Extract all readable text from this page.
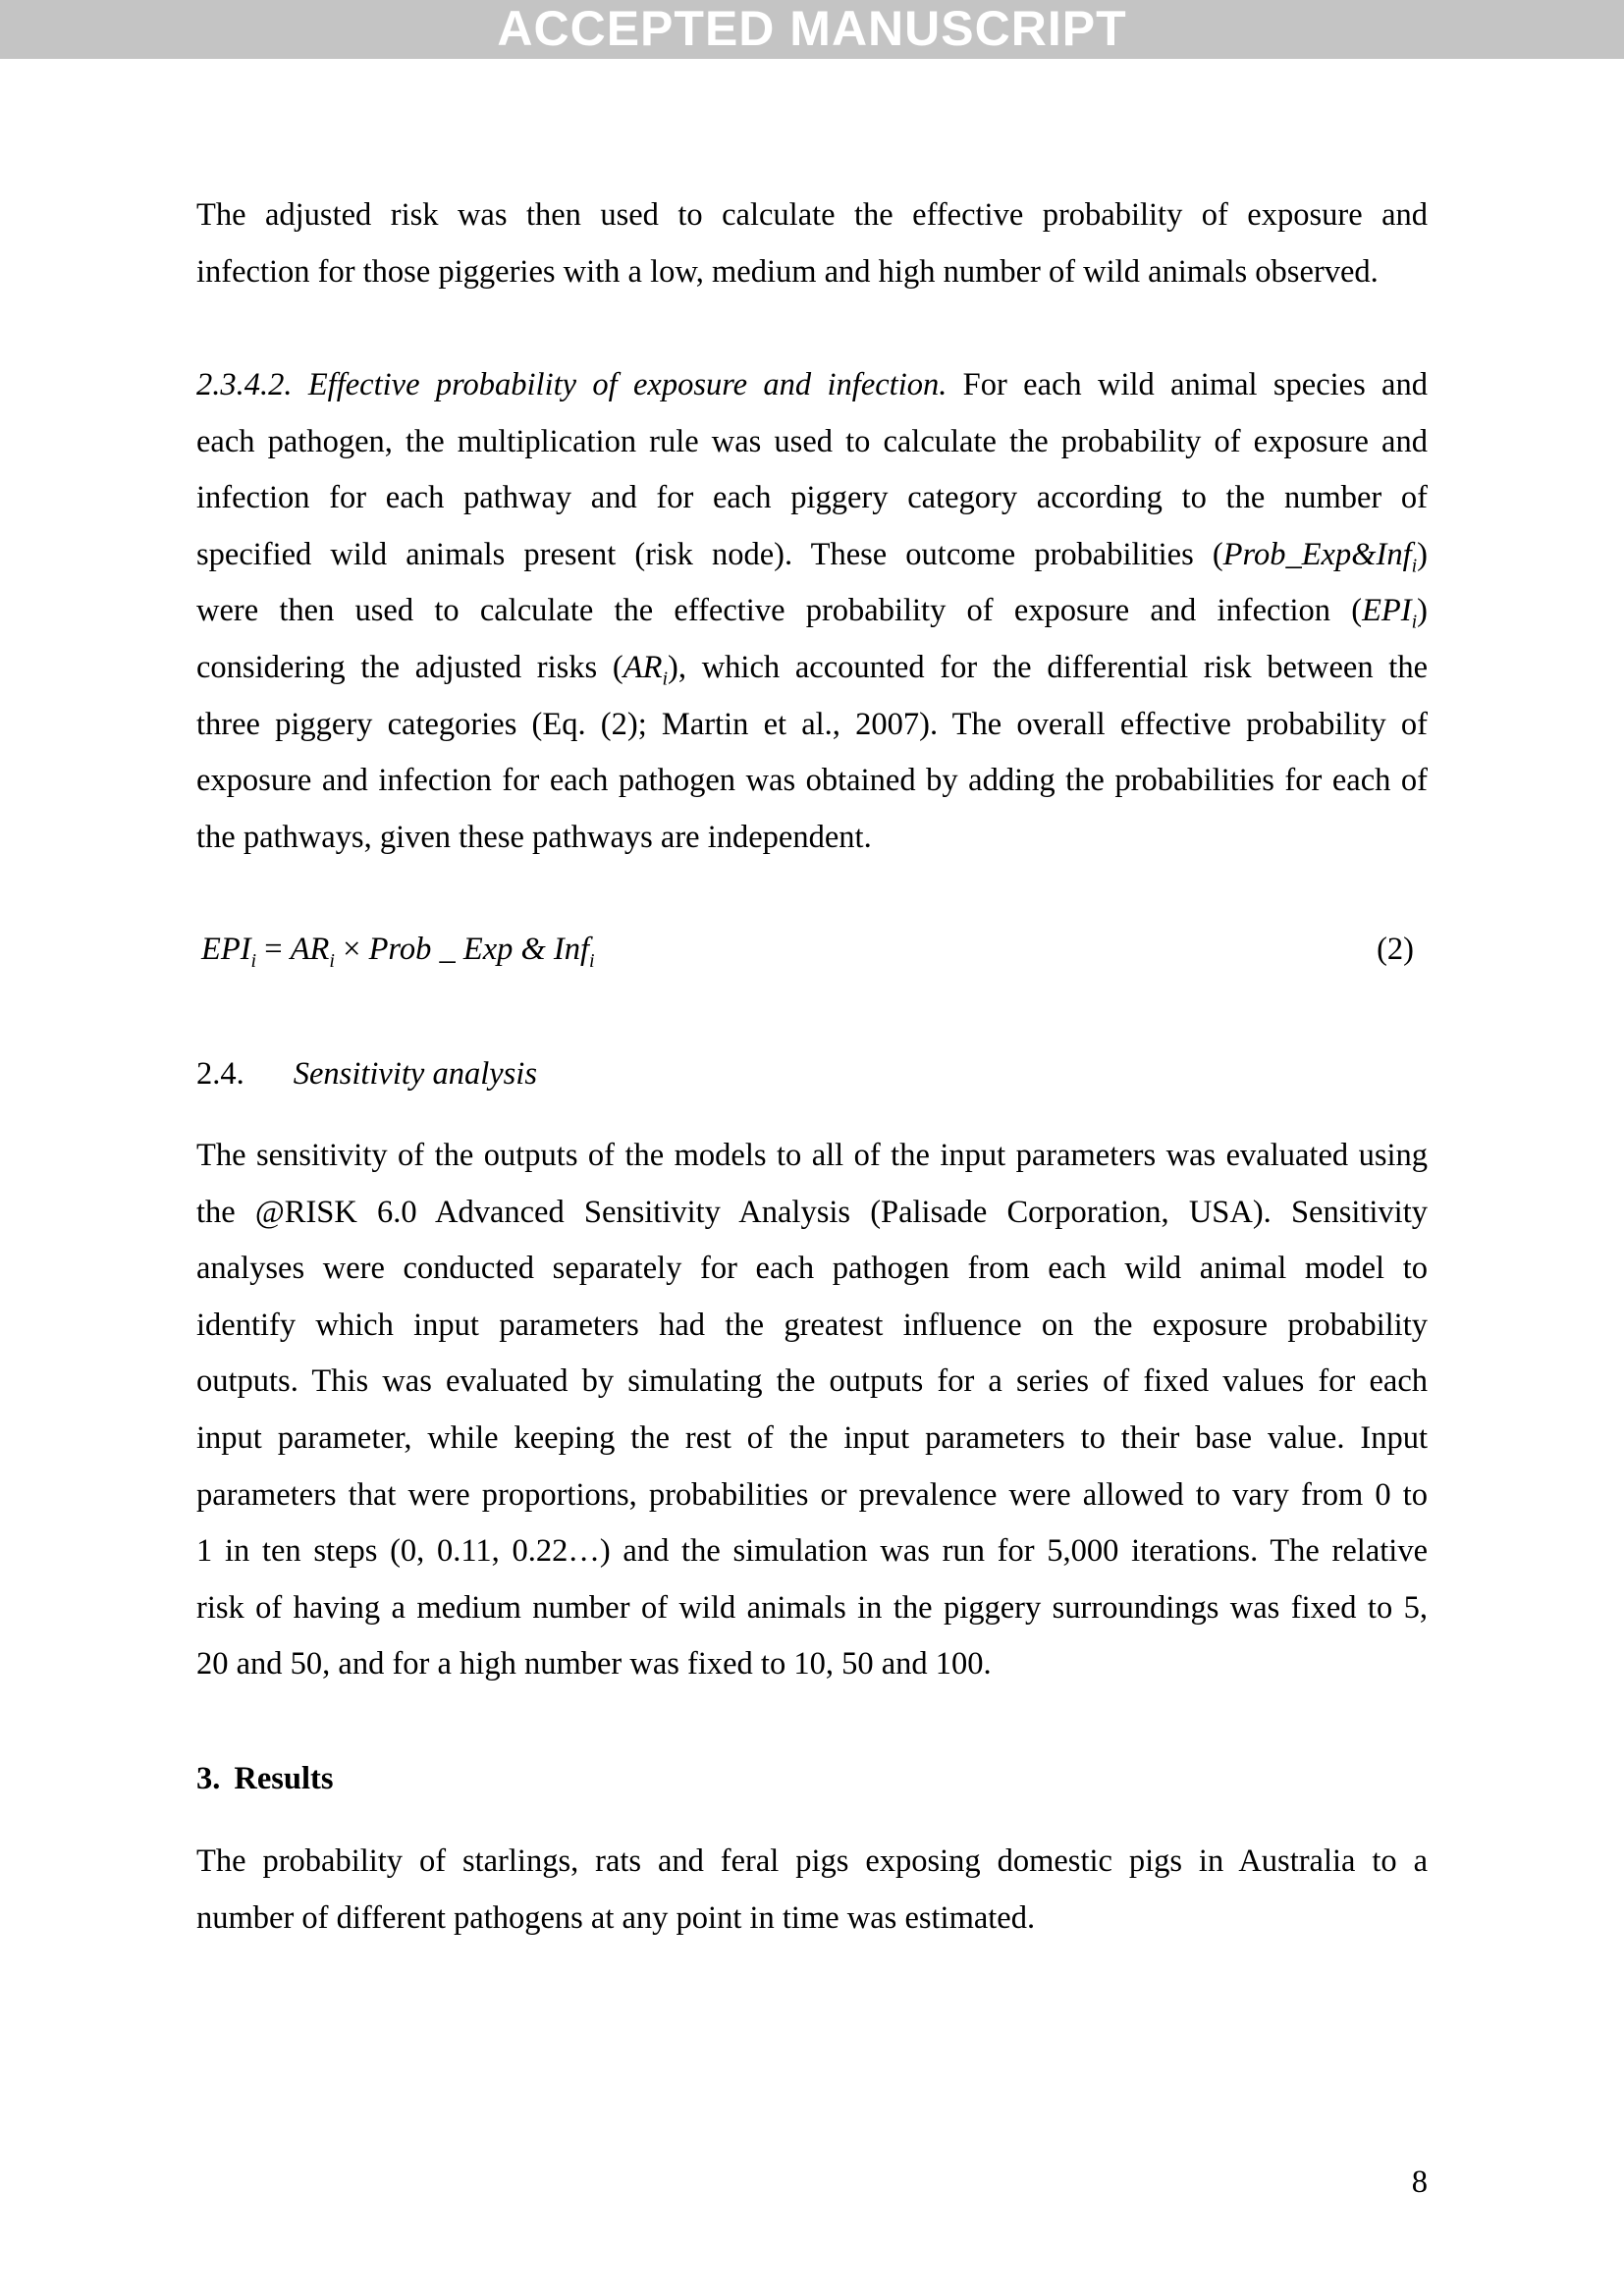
ACCEPTED MANUSCRIPT
The adjusted risk was then used to calculate the effective probability of exposure and
infection for those piggeries with a low, medium and high number of wild animals observed.
2.3.4.2. Effective probability of exposure and infection. For each wild animal species and
each pathogen, the multiplication rule was used to calculate the probability of exposure and
infection for each pathway and for each piggery category according to the number of
specified wild animals present (risk node). These outcome probabilities (Prob_Exp&Inf$_i$)
were then used to calculate the effective probability of exposure and infection $(EPI_i)$
considering the adjusted risks $(AR_i)$, which accounted for the differential risk between the
three piggery categories (Eq. (2); Martin et al., 2007). The overall effective probability of
exposure and infection for each pathogen was obtained by adding the probabilities for each of
the pathways, given these pathways are independent.
$EPI_i = AR_i$ × Prob _ Exp & Inf$_i$	(2)
2.4. Sensitivity analysis
The sensitivity of the outputs of the models to all of the input parameters was evaluated using
the @RISK 6.0 Advanced Sensitivity Analysis (Palisade Corporation, USA). Sensitivity
analyses were conducted separately for each pathogen from each wild animal model to
identify which input parameters had the greatest influence on the exposure probability
outputs. This was evaluated by simulating the outputs for a series of fixed values for each
input parameter, while keeping the rest of the input parameters to their base value. Input
parameters that were proportions, probabilities or prevalence were allowed to vary from 0 to
1 in ten steps (0, 0.11, 0.22…) and the simulation was run for 5,000 iterations. The relative
risk of having a medium number of wild animals in the piggery surroundings was fixed to 5,
20 and 50, and for a high number was fixed to 10, 50 and 100.
3. Results
The probability of starlings, rats and feral pigs exposing domestic pigs in Australia to a
number of different pathogens at any point in time was estimated.
8
